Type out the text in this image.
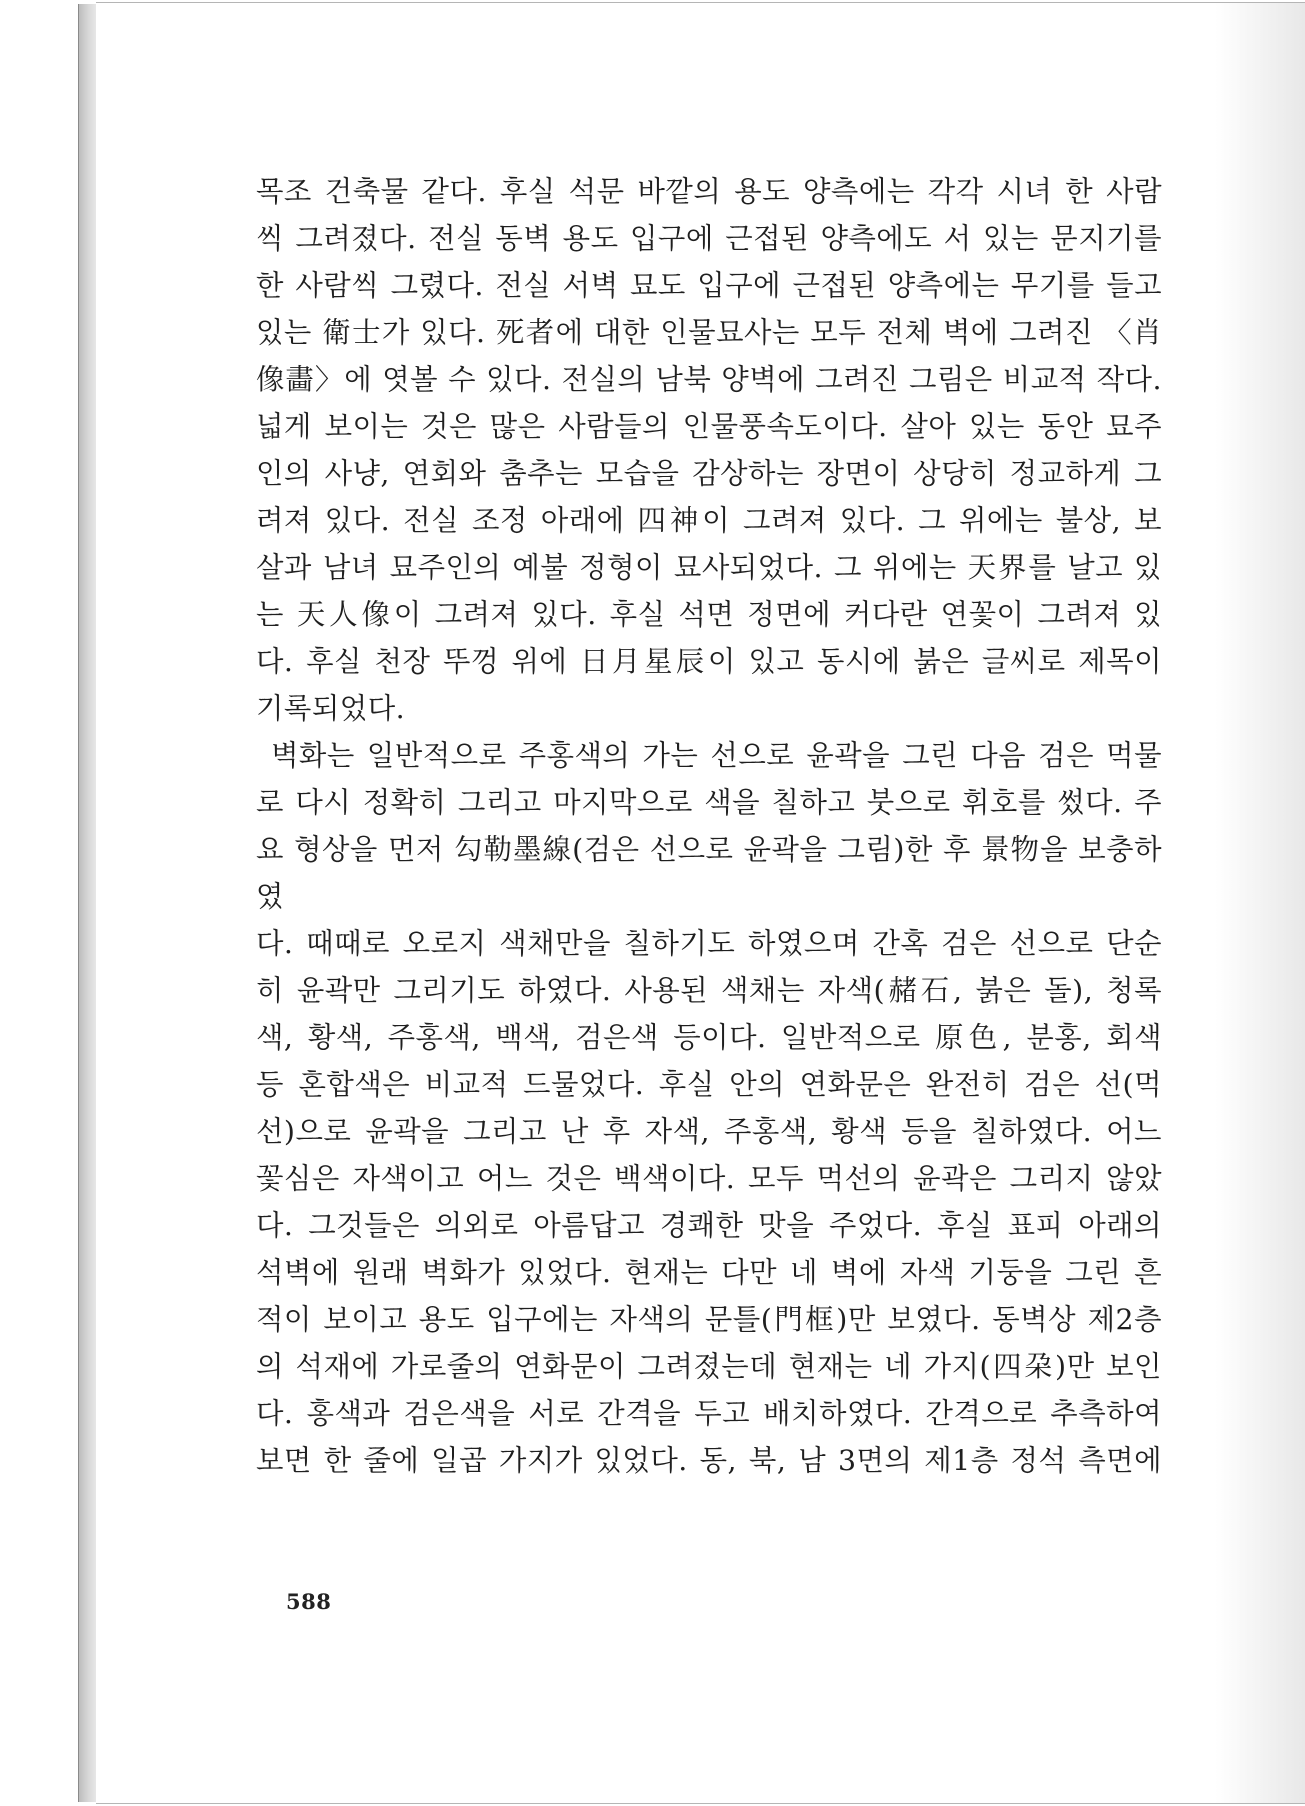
목조 건축물 같다. 후실 석문 바깥의 용도 양측에는 각각 시녀 한 사람

씩 그려졌다. 전실 동벽 용도 입구에 근접된 양측에도 서 있는 문지기를

한 사람씩 그렸다. 전실 서벽 묘도 입구에 근접된 양측에는 무기를 들고

있는 衛士가 있다. 死者에 대한 인물묘사는 모두 전체 벽에 그려진 〈肖

像畵〉에 엿볼 수 있다. 전실의 남북 양벽에 그려진 그림은 비교적 작다.

넓게 보이는 것은 많은 사람들의 인물풍속도이다. 살아 있는 동안 묘주

인의 사냥, 연회와 춤추는 모습을 감상하는 장면이 상당히 정교하게 그

려져 있다. 전실 조정 아래에 四神이 그려져 있다. 그 위에는 불상, 보

살과 남녀 묘주인의 예불 정형이 묘사되었다. 그 위에는 天界를 날고 있

는 天人像이 그려져 있다. 후실 석면 정면에 커다란 연꽃이 그려져 있

다. 후실 천장 뚜껑 위에 日月星辰이 있고 동시에 붉은 글씨로 제목이

기록되었다.

벽화는 일반적으로 주홍색의 가는 선으로 윤곽을 그린 다음 검은 먹물

로 다시 정확히 그리고 마지막으로 색을 칠하고 붓으로 휘호를 썼다. 주

요 형상을 먼저 勾勒墨線(검은 선으로 윤곽을 그림)한 후 景物을 보충하였

다. 때때로 오로지 색채만을 칠하기도 하였으며 간혹 검은 선으로 단순

히 윤곽만 그리기도 하였다. 사용된 색채는 자색(赭石, 붉은 돌), 청록

색, 황색, 주홍색, 백색, 검은색 등이다. 일반적으로 原色, 분홍, 회색

등 혼합색은 비교적 드물었다. 후실 안의 연화문은 완전히 검은 선(먹

선)으로 윤곽을 그리고 난 후 자색, 주홍색, 황색 등을 칠하였다. 어느

꽃심은 자색이고 어느 것은 백색이다. 모두 먹선의 윤곽은 그리지 않았

다. 그것들은 의외로 아름답고 경쾌한 맛을 주었다. 후실 표피 아래의

석벽에 원래 벽화가 있었다. 현재는 다만 네 벽에 자색 기둥을 그린 흔

적이 보이고 용도 입구에는 자색의 문틀(門框)만 보였다. 동벽상 제2층

의 석재에 가로줄의 연화문이 그려졌는데 현재는 네 가지(四朶)만 보인

다. 홍색과 검은색을 서로 간격을 두고 배치하였다. 간격으로 추측하여

보면 한 줄에 일곱 가지가 있었다. 동, 북, 남 3면의 제1층 정석 측면에

588
